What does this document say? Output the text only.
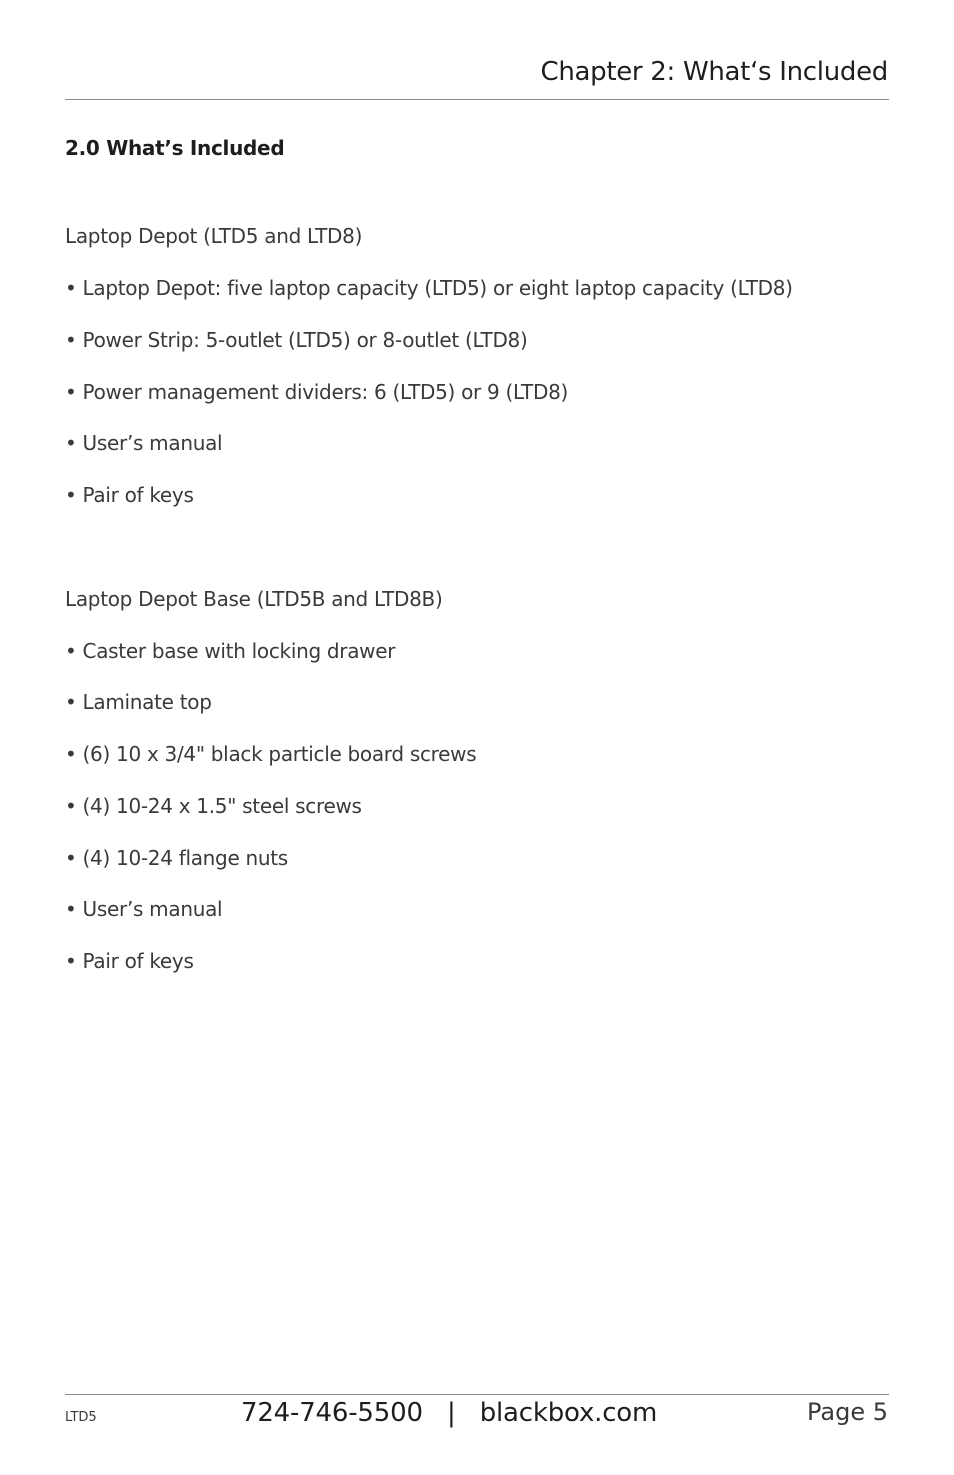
Chapter 2: What‘s Included
2.0 What’s Included

Laptop Depot (LTD5 and LTD8)

• Laptop Depot: five laptop capacity (LTD5) or eight laptop capacity (LTD8)

• Power Strip: 5-outlet (LTD5) or 8-outlet (LTD8)

• Power management dividers: 6 (LTD5) or 9 (LTD8)

• User’s manual

• Pair of keys

Laptop Depot Base (LTD5B and LTD8B)

• Caster base with locking drawer

• Laminate top

• (6) 10 x 3/4" black particle board screws

• (4) 10-24 x 1.5" steel screws

• (4) 10-24 flange nuts

• User’s manual

• Pair of keys

LTD5	724-746-5500   |   blackbox.com	Page 5
